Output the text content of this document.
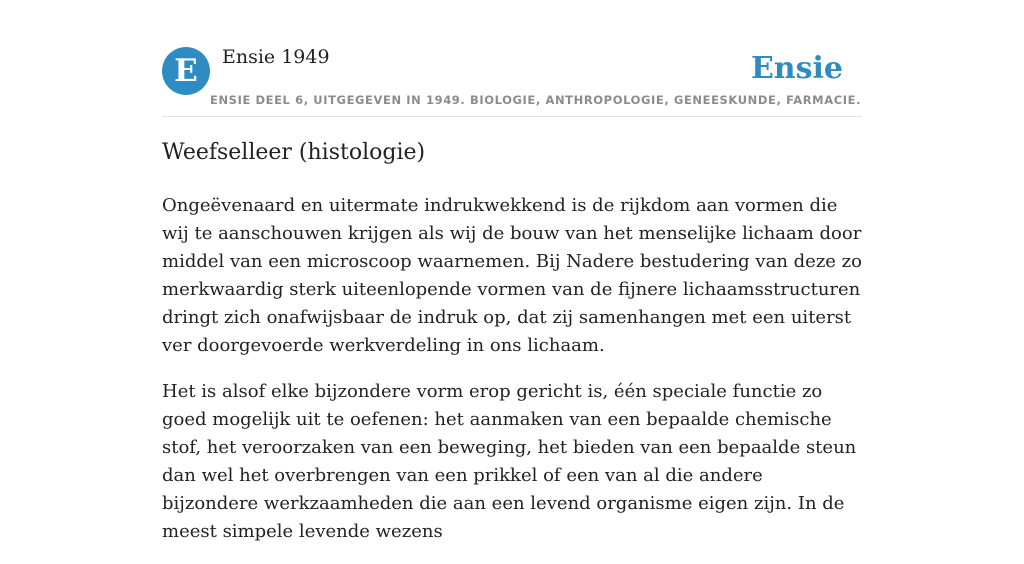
E	Ensie 1949	Ensie
ENSIE DEEL 6, UITGEGEVEN IN 1949. BIOLOGIE, ANTHROPOLOGIE, GENEESKUNDE, FARMACIE.
Weefselleer (histologie)

Ongeëvenaard en uitermate indrukwekkend is de rijkdom aan vormen die wij te aanschouwen krijgen als wij de bouw van het menselijke lichaam door middel van een microscoop waarnemen. Bij Nadere bestudering van deze zo merkwaardig sterk uiteenlopende vormen van de fijnere lichaamsstructuren dringt zich onafwijsbaar de indruk op, dat zij samenhangen met een uiterst ver doorgevoerde werkverdeling in ons lichaam.

Het is alsof elke bijzondere vorm erop gericht is, één speciale functie zo goed mogelijk uit te oefenen: het aanmaken van een bepaalde chemische stof, het veroorzaken van een beweging, het bieden van een bepaalde steun dan wel het overbrengen van een prikkel of een van al die andere bijzondere werkzaamheden die aan een levend organisme eigen zijn. In de meest simpele levende wezens
